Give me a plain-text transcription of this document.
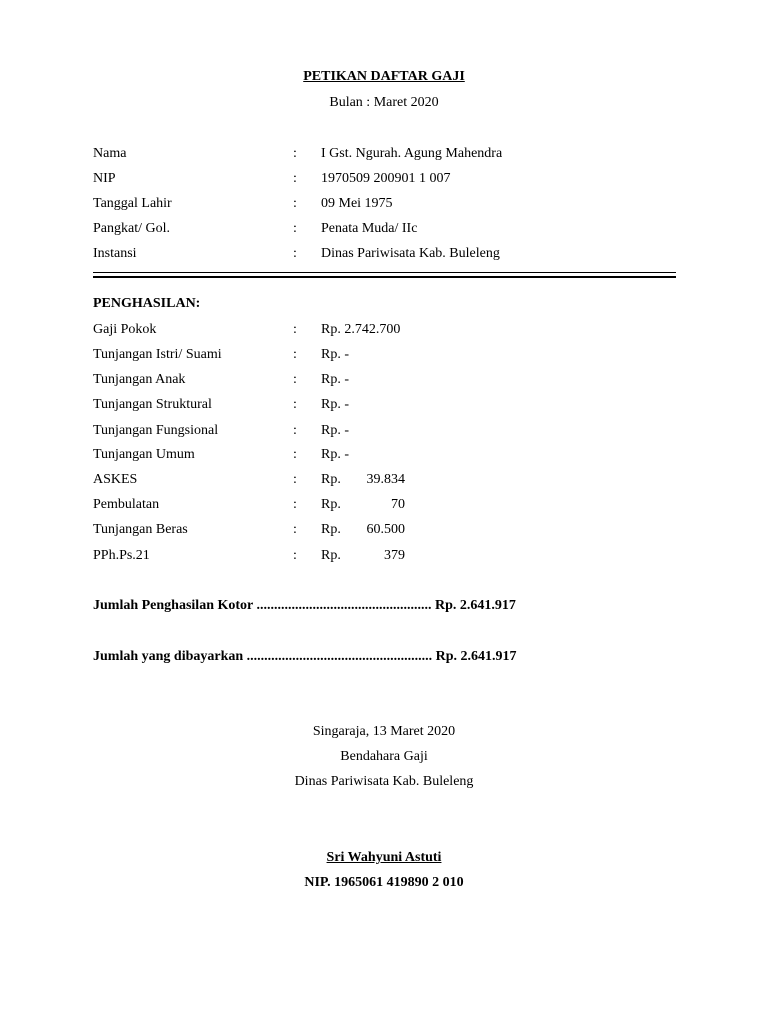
PETIKAN DAFTAR GAJI
Bulan : Maret 2020
Nama	: I Gst. Ngurah. Agung Mahendra
NIP	: 1970509 200901 1 007
Tanggal Lahir	: 09 Mei 1975
Pangkat/ Gol.	: Penata Muda/ IIc
Instansi	: Dinas Pariwisata Kab. Buleleng
PENGHASILAN:
Gaji Pokok	: Rp. 2.742.700
Tunjangan Istri/ Suami	: Rp. -
Tunjangan Anak	: Rp. -
Tunjangan Struktural	: Rp. -
Tunjangan Fungsional	: Rp. -
Tunjangan Umum	: Rp. -
ASKES	: Rp.	39.834
Pembulatan	: Rp.	70
Tunjangan Beras	: Rp.	60.500
PPh.Ps.21	: Rp.	379
Jumlah Penghasilan Kotor .................................................. Rp. 2.641.917
Jumlah yang dibayarkan ..................................................... Rp. 2.641.917
Singaraja, 13 Maret 2020
Bendahara Gaji
Dinas Pariwisata Kab. Buleleng
Sri Wahyuni Astuti
NIP. 1965061 419890 2 010
